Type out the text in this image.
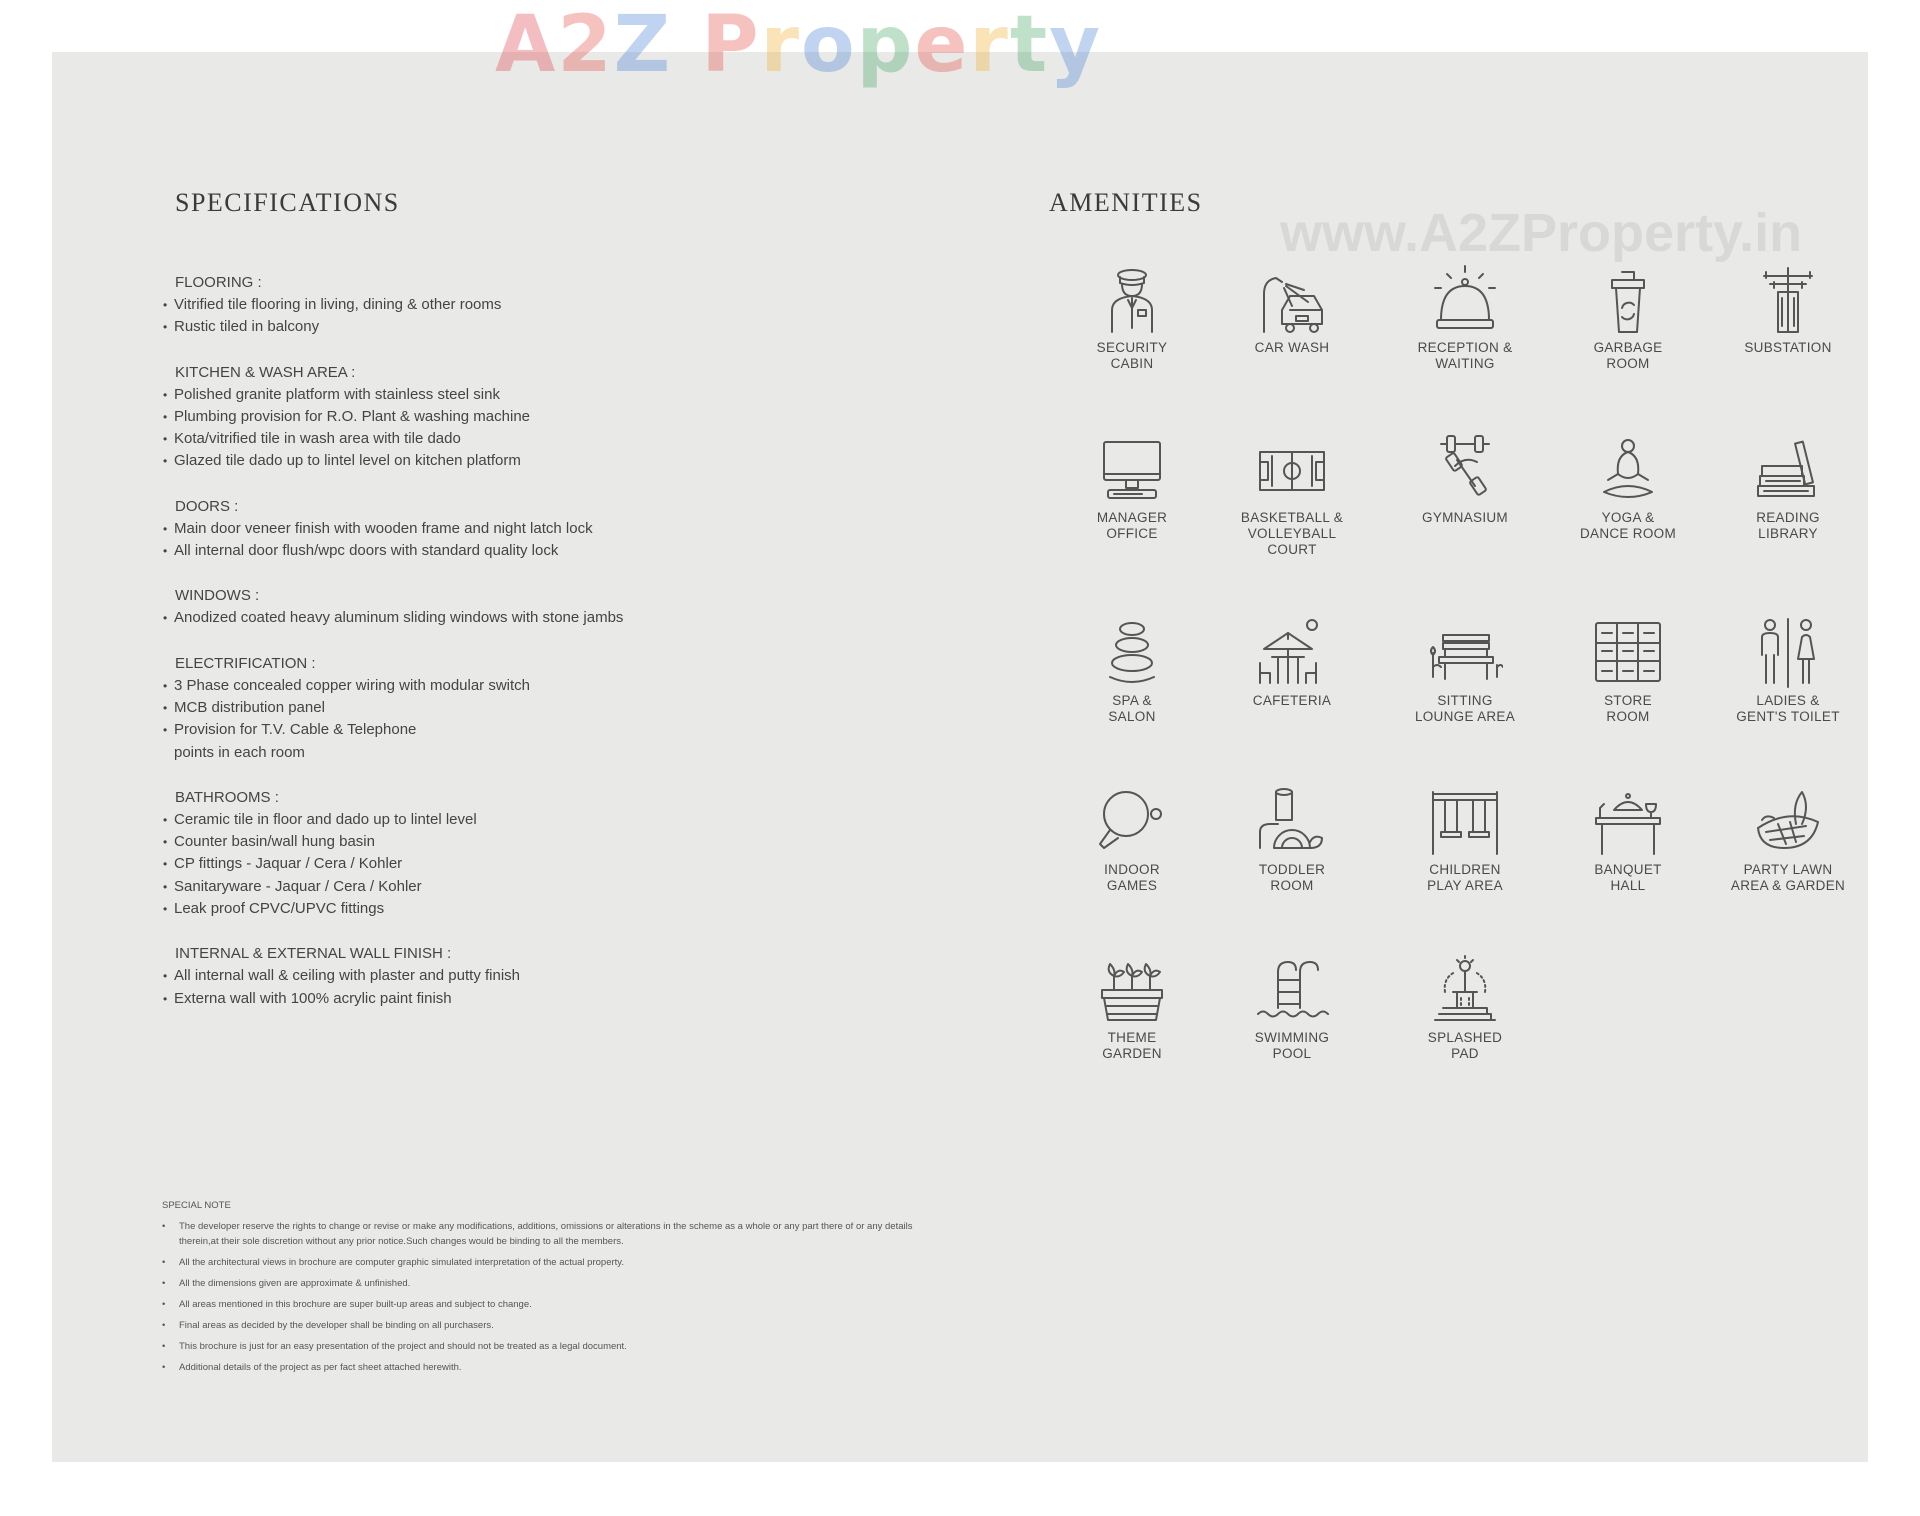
A2Z Property
www.A2ZProperty.in
SPECIFICATIONS
FLOORING :
• Vitrified tile flooring in living, dining & other rooms
• Rustic tiled in balcony
KITCHEN & WASH AREA :
• Polished granite platform with stainless steel sink
• Plumbing provision for R.O. Plant & washing machine
• Kota/vitrified tile in wash area with tile dado
• Glazed tile dado up to lintel level on kitchen platform
DOORS :
• Main door veneer finish with wooden frame and night latch lock
• All internal door flush/wpc doors with standard quality lock
WINDOWS :
• Anodized coated heavy aluminum sliding windows with stone jambs
ELECTRIFICATION :
• 3 Phase concealed copper wiring with modular switch
• MCB distribution panel
• Provision for T.V. Cable & Telephone
points in each room
BATHROOMS :
• Ceramic tile in floor and dado up to lintel level
• Counter basin/wall hung basin
• CP fittings - Jaquar / Cera / Kohler
• Sanitaryware - Jaquar / Cera / Kohler
• Leak proof CPVC/UPVC fittings
INTERNAL & EXTERNAL WALL FINISH :
• All internal wall & ceiling with plaster and putty finish
• Externa wall with 100% acrylic paint finish
AMENITIES
SECURITY
CABIN
CAR WASH	RECEPTION &
WAITING
GARBAGE
ROOM
SUBSTATION
MANAGER
OFFICE
BASKETBALL &
VOLLEYBALL
COURT
GYMNASIUM	YOGA &
DANCE ROOM
READING
LIBRARY
SPA &
SALON
CAFETERIA	SITTING
LOUNGE AREA
STORE
ROOM
LADIES &
GENT'S TOILET
INDOOR
GAMES
TODDLER
ROOM
CHILDREN
PLAY AREA
BANQUET
HALL
PARTY LAWN
AREA & GARDEN
THEME
GARDEN
SWIMMING
POOL
SPLASHED
PAD
SPECIAL NOTE
• The developer reserve the rights to change or revise or make any modifications, additions, omissions or alterations in the scheme as a whole or any part there of or any details therein,at their sole discretion without any prior notice.Such changes would be binding to all the members.
• All the architectural views in brochure are computer graphic simulated interpretation of the actual property.
• All the dimensions given are approximate & unfinished.
• All areas mentioned in this brochure are super built-up areas and subject to change.
• Final areas as decided by the developer shall be binding on all purchasers.
• This brochure is just for an easy presentation of the project and should not be treated as a legal document.
• Additional details of the project as per fact sheet attached herewith.
